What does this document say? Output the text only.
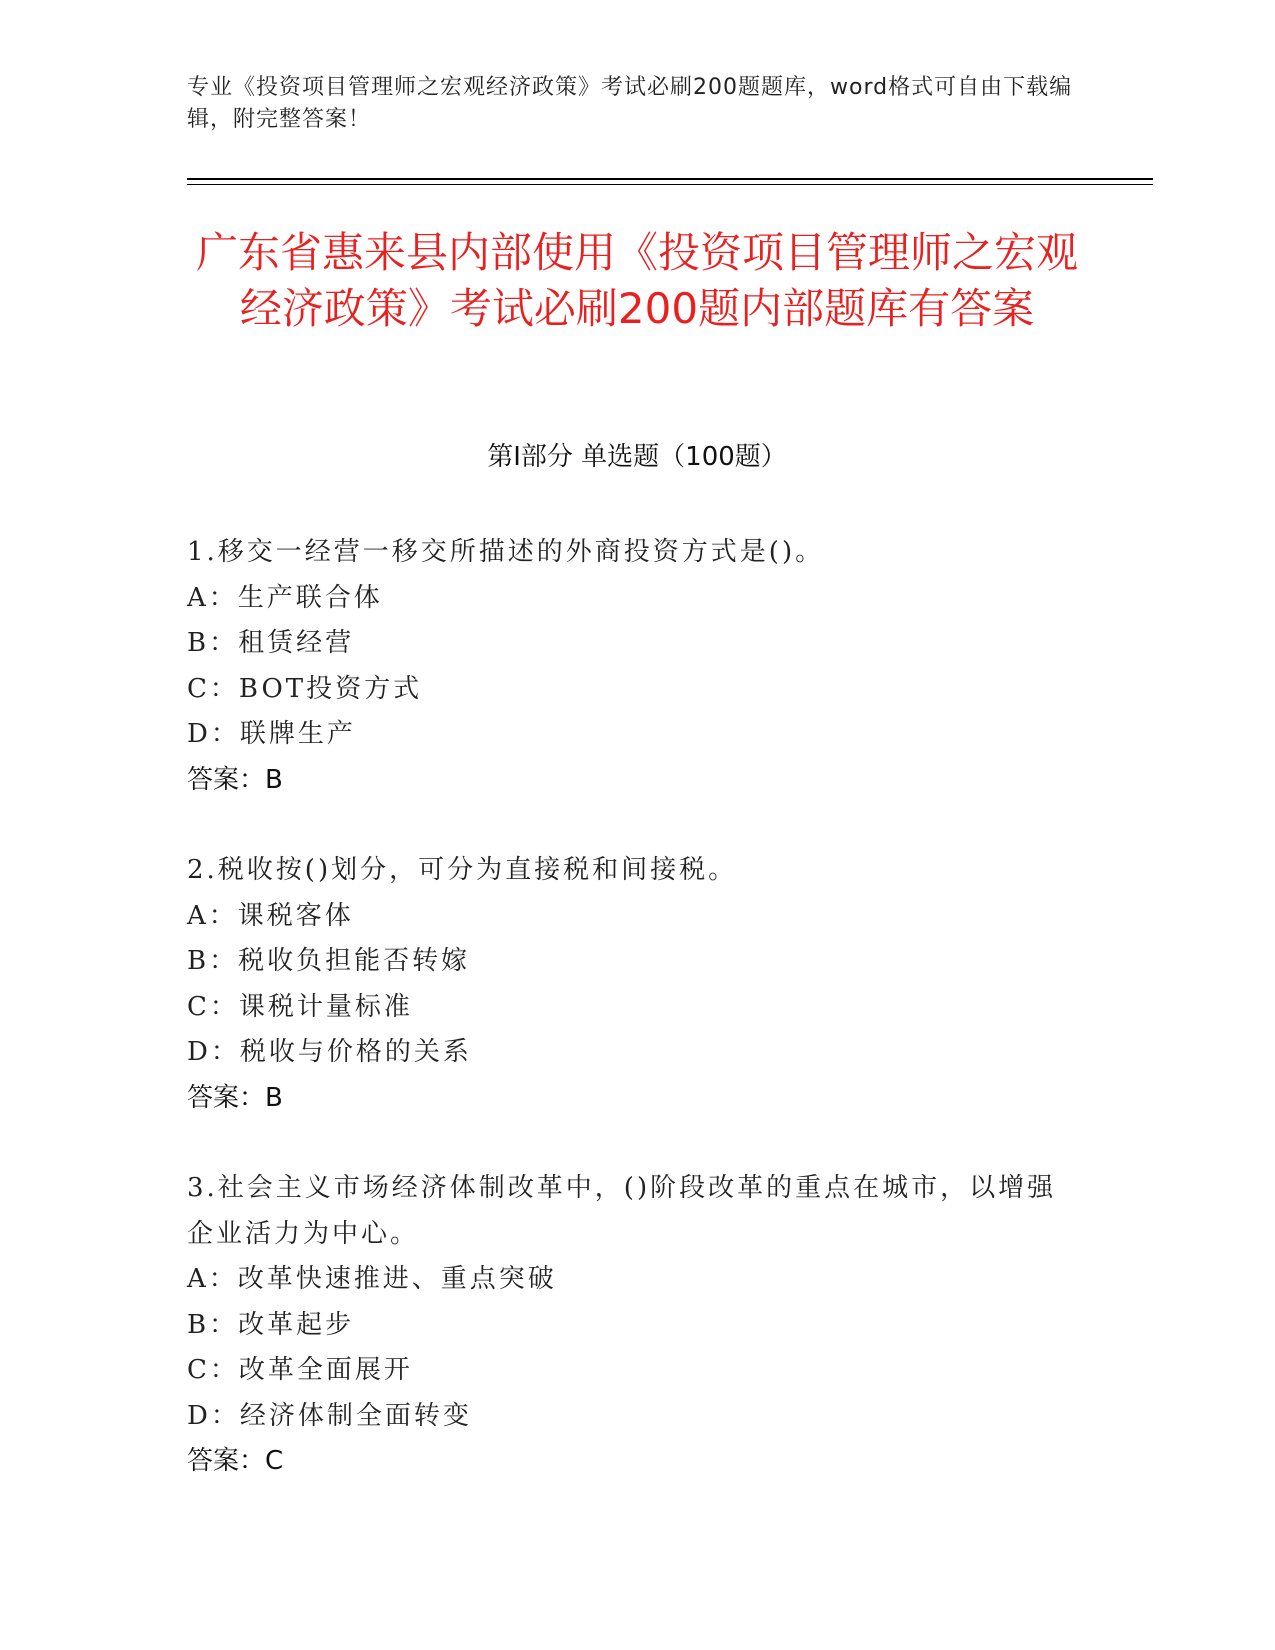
专业《投资项目管理师之宏观经济政策》考试必刷200题题库，word格式可自由下载编辑，附完整答案！
广东省惠来县内部使用《投资项目管理师之宏观经济政策》考试必刷200题内部题库有答案
第I部分 单选题（100题）
1.移交一经营一移交所描述的外商投资方式是()。
A：生产联合体
B：租赁经营
C：BOT投资方式
D：联牌生产
答案：B
2.税收按()划分，可分为直接税和间接税。
A：课税客体
B：税收负担能否转嫁
C：课税计量标准
D：税收与价格的关系
答案：B
3.社会主义市场经济体制改革中，()阶段改革的重点在城市，以增强企业活力为中心。
A：改革快速推进、重点突破
B：改革起步
C：改革全面展开
D：经济体制全面转变
答案：C
